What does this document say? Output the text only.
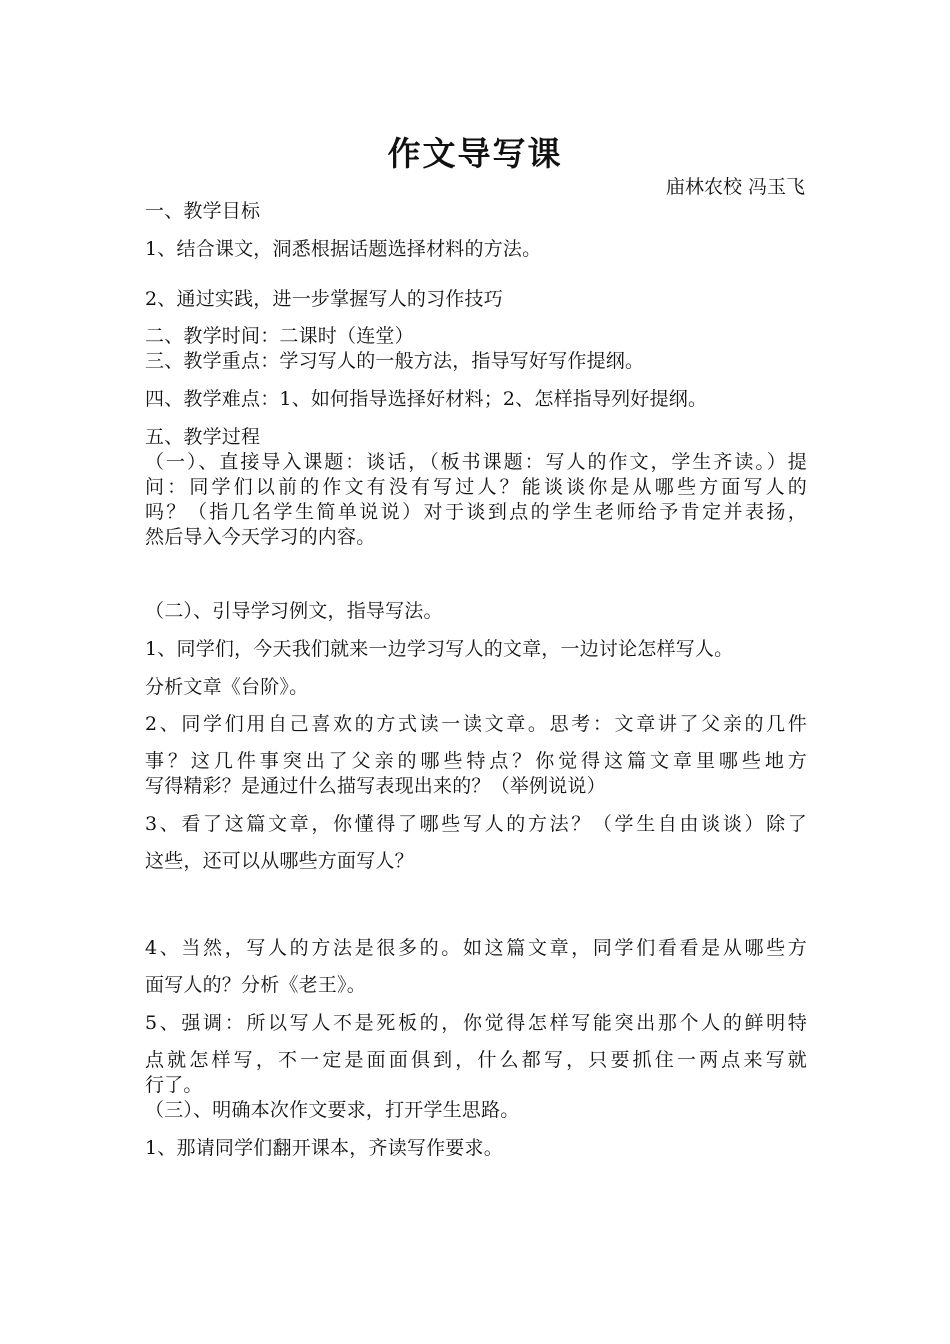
作文导写课
庙林农校 冯玉飞
一、教学目标
1、结合课文，洞悉根据话题选择材料的方法。
2、通过实践，进一步掌握写人的习作技巧
二、教学时间：二课时（连堂）
三、教学重点：学习写人的一般方法，指导写好写作提纲。
四、教学难点：1、如何指导选择好材料；2、怎样指导列好提纲。
五、教学过程
（一）、直接导入课题：谈话，（板书课题：写人的作文，学生齐读。）提
问：同学们以前的作文有没有写过人？能谈谈你是从哪些方面写人的
吗？（指几名学生简单说说）对于谈到点的学生老师给予肯定并表扬，
然后导入今天学习的内容。
（二）、引导学习例文，指导写法。
1、同学们，今天我们就来一边学习写人的文章，一边讨论怎样写人。
分析文章《台阶》。
2、同学们用自己喜欢的方式读一读文章。思考：文章讲了父亲的几件
事？这几件事突出了父亲的哪些特点？你觉得这篇文章里哪些地方
写得精彩？是通过什么描写表现出来的？（举例说说）
3、看了这篇文章，你懂得了哪些写人的方法？（学生自由谈谈）除了
这些，还可以从哪些方面写人？
4、当然，写人的方法是很多的。如这篇文章，同学们看看是从哪些方
面写人的？分析《老王》。
5、强调：所以写人不是死板的，你觉得怎样写能突出那个人的鲜明特
点就怎样写，不一定是面面俱到，什么都写，只要抓住一两点来写就
行了。
（三）、明确本次作文要求，打开学生思路。
1、那请同学们翻开课本，齐读写作要求。
